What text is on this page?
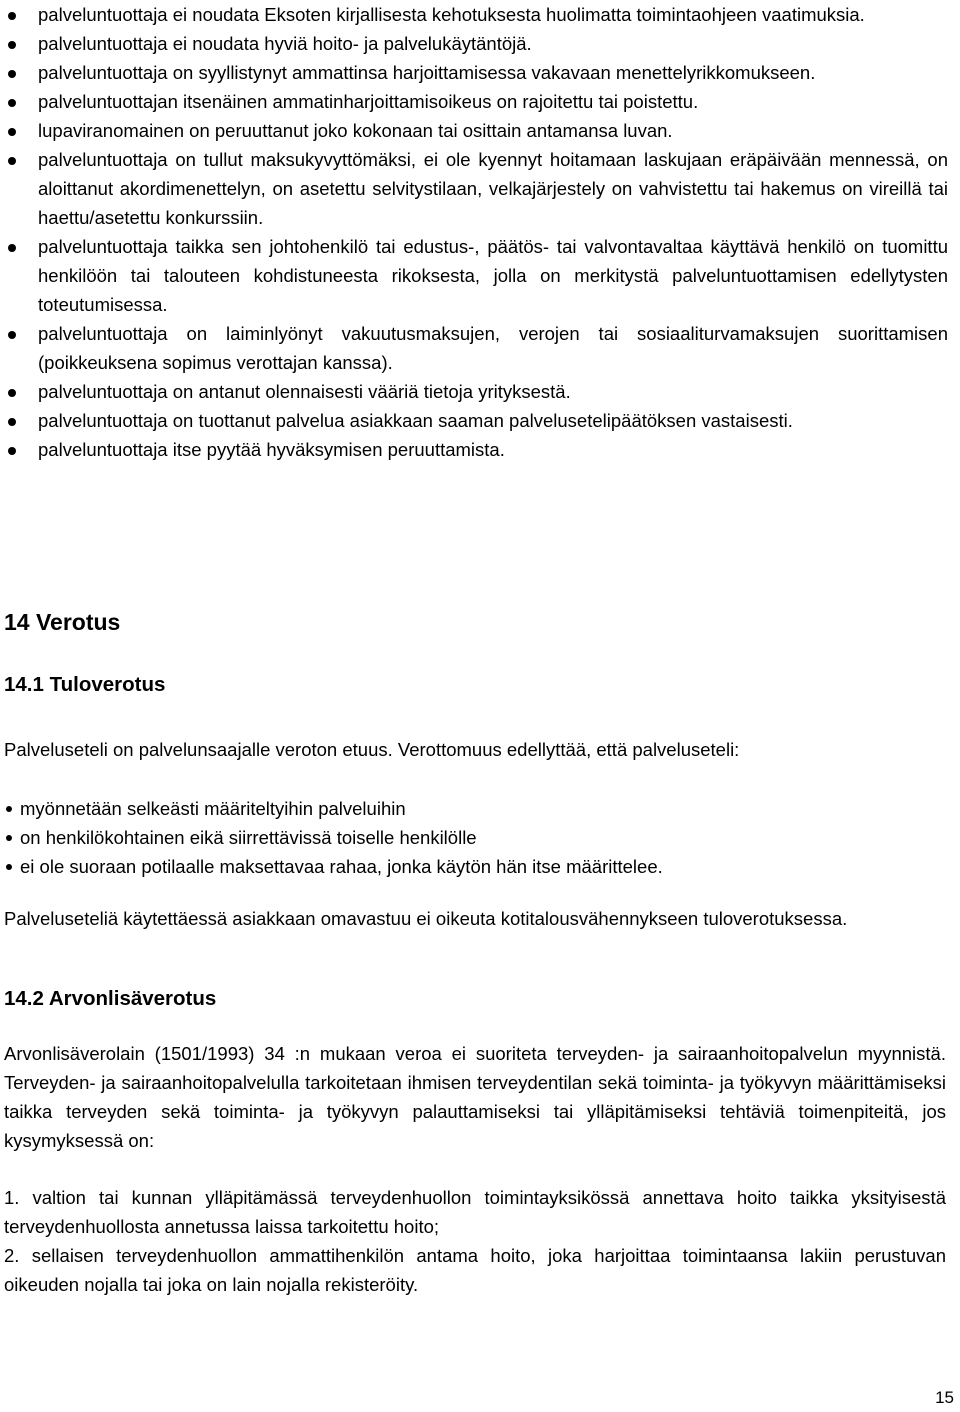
palveluntuottaja ei noudata Eksoten kirjallisesta kehotuksesta huolimatta toimintaohjeen vaatimuksia.
palveluntuottaja ei noudata hyviä hoito- ja palvelukäytäntöjä.
palveluntuottaja on syyllistynyt ammattinsa harjoittamisessa vakavaan menettelyrikkomukseen.
palveluntuottajan itsenäinen ammatinharjoittamisoikeus on rajoitettu tai poistettu.
lupaviranomainen on peruuttanut joko kokonaan tai osittain antamansa luvan.
palveluntuottaja on tullut maksukyvyttömäksi, ei ole kyennyt hoitamaan laskujaan eräpäivään mennessä, on aloittanut akordimenettelyn, on asetettu selvitystilaan, velkajärjestely on vahvistettu tai hakemus on vireillä tai haettu/asetettu konkurssiin.
palveluntuottaja taikka sen johtohenkilö tai edustus-, päätös- tai valvontavaltaa käyttävä henkilö on tuomittu henkilöön tai talouteen kohdistuneesta rikoksesta, jolla on merkitystä palveluntuottamisen edellytysten toteutumisessa.
palveluntuottaja on laiminlyönyt vakuutusmaksujen, verojen tai sosiaaliturvamaksujen suorittamisen (poikkeuksena sopimus verottajan kanssa).
palveluntuottaja on antanut olennaisesti vääriä tietoja yrityksestä.
palveluntuottaja on tuottanut palvelua asiakkaan saaman palvelusetelipäätöksen vastaisesti.
palveluntuottaja itse pyytää hyväksymisen peruuttamista.
14 Verotus
14.1 Tuloverotus

Palveluseteli on palvelunsaajalle veroton etuus. Verottomuus edellyttää, että palveluseteli:

myönnetään selkeästi määriteltyihin palveluihin
on henkilökohtainen eikä siirrettävissä toiselle henkilölle
ei ole suoraan potilaalle maksettavaa rahaa, jonka käytön hän itse määrittelee.

Palveluseteliä käytettäessä asiakkaan omavastuu ei oikeuta kotitalousvähennykseen tuloverotuksessa.

14.2 Arvonlisäverotus

Arvonlisäverolain (1501/1993) 34 :n mukaan veroa ei suoriteta terveyden- ja sairaanhoitopalvelun myynnistä. Terveyden- ja sairaanhoitopalvelulla tarkoitetaan ihmisen terveydentilan sekä toiminta- ja työkyvyn määrittämiseksi taikka terveyden sekä toiminta- ja työkyvyn palauttamiseksi tai ylläpitämiseksi tehtäviä toimenpiteitä, jos kysymyksessä on:

1. valtion tai kunnan ylläpitämässä terveydenhuollon toimintayksikössä annettava hoito taikka yksityisestä terveydenhuollosta annetussa laissa tarkoitettu hoito;
2. sellaisen terveydenhuollon ammattihenkilön antama hoito, joka harjoittaa toimintaansa lakiin perustuvan oikeuden nojalla tai joka on lain nojalla rekisteröity.
15
